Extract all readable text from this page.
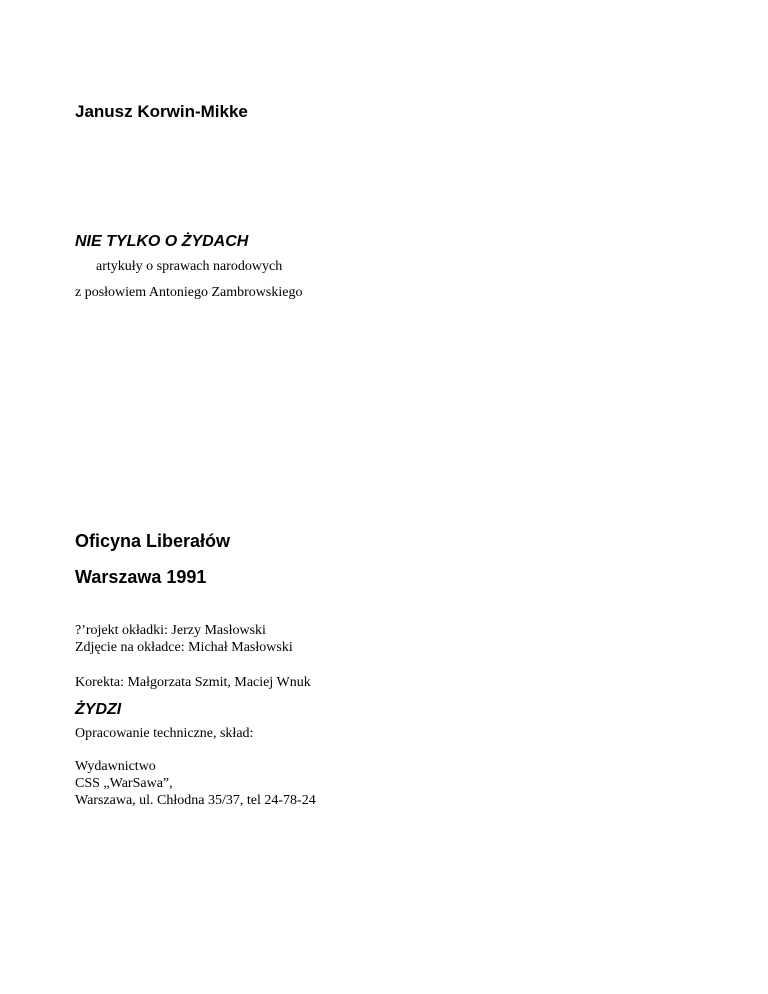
Janusz Korwin-Mikke
NIE TYLKO O ŻYDACH
artykuły o sprawach narodowych
z posłowiem Antoniego Zambrowskiego
Oficyna Liberałów
Warszawa 1991
?’rojekt okładki: Jerzy Masłowski
Zdjęcie na okładce: Michał Masłowski
Korekta: Małgorzata Szmit, Maciej Wnuk
ŻYDZI
Opracowanie techniczne, skład:
Wydawnictwo
CSS „WarSawa”,
Warszawa, ul. Chłodna 35/37, tel 24-78-24
